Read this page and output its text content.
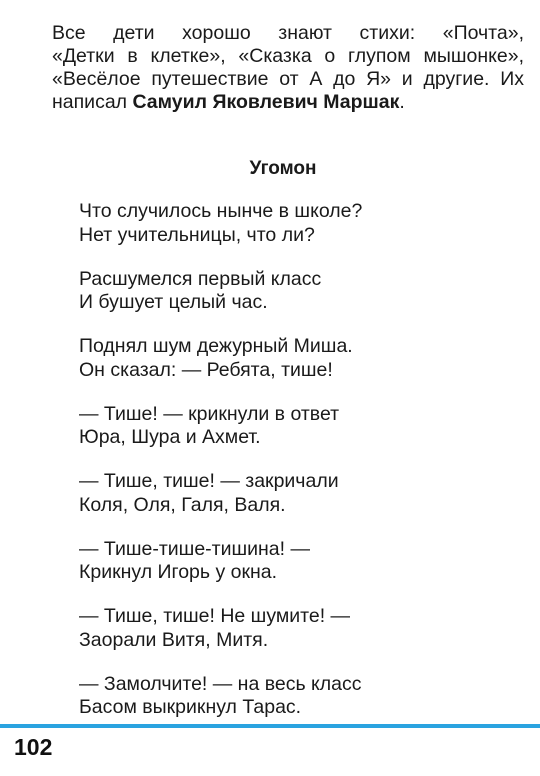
Все дети хорошо знают стихи: «Почта»,
«Детки в клетке», «Сказка о глупом мышонке»,
«Весёлое путешествие от А до Я» и другие. Их
написал Самуил Яковлевич Маршак.
Угомон
Что случилось нынче в школе?
Нет учительницы, что ли?
Расшумелся первый класс
И бушует целый час.
Поднял шум дежурный Миша.
Он сказал: — Ребята, тише!
— Тише! — крикнули в ответ
Юра, Шура и Ахмет.
— Тише, тише! — закричали
Коля, Оля, Галя, Валя.
— Тише-тише-тишина! —
Крикнул Игорь у окна.
— Тише, тише! Не шумите! —
Заорали Витя, Митя.
— Замолчите! — на весь класс
Басом выкрикнул Тарас.
102
